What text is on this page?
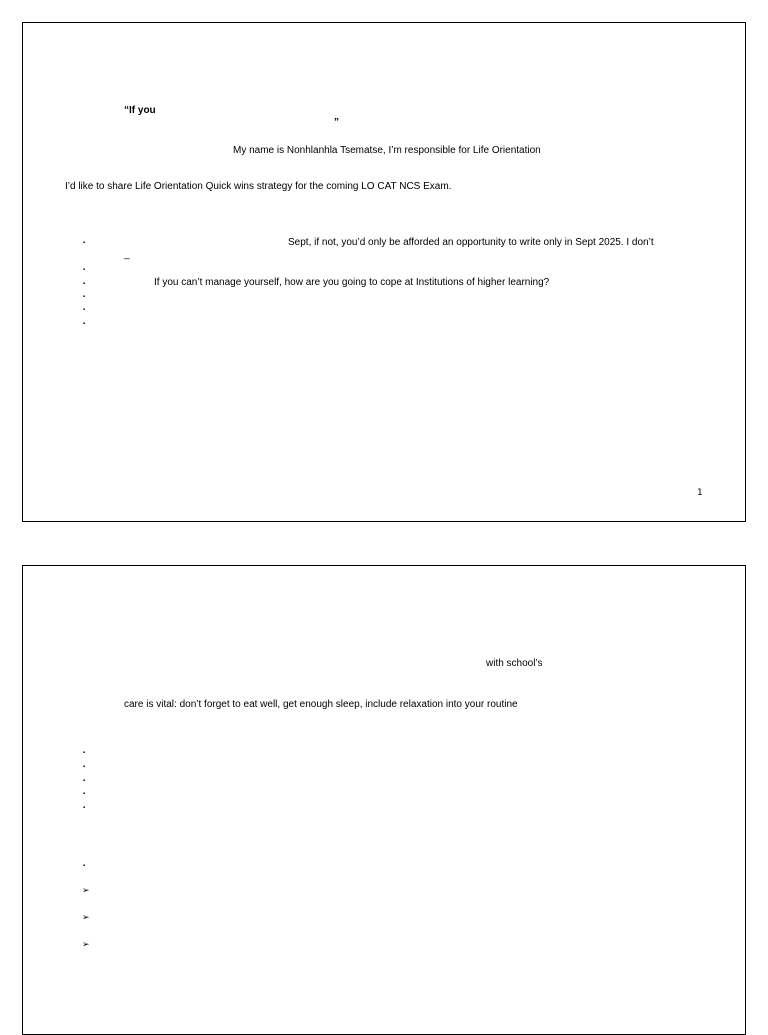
“If you
”
My name is Nonhlanhla Tsematse, I’m responsible for Life Orientation
I’d like to share Life Orientation Quick wins strategy for the coming LO CAT NCS Exam.
▪	Sept, if not, you’d only be afforded an opportunity to write only in Sept 2025. I don’t
_
▪
▪	If you can’t manage yourself, how are you going to cope at Institutions of higher learning?
▪
▪
▪
1
with school’s
care is vital: don’t forget to eat well, get enough sleep, include relaxation into your routine
▪
▪
▪
▪
▪
▪
➢
➢
➢
